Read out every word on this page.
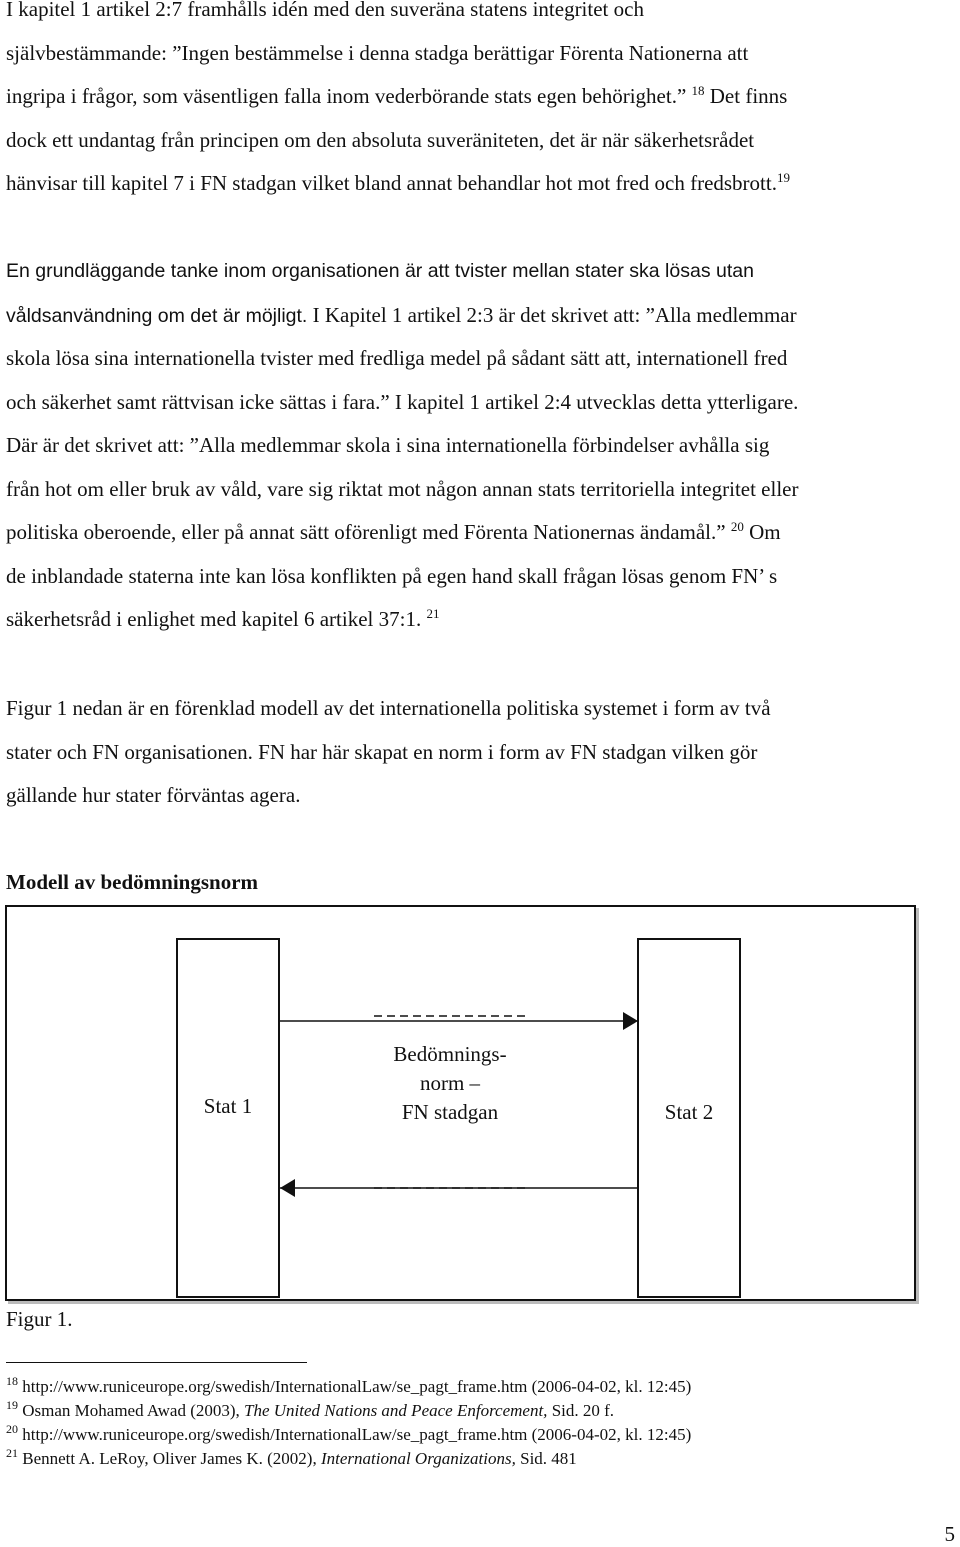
I kapitel 1 artikel 2:7 framhålls idén med den suveräna statens integritet och
självbestämmande: ”Ingen bestämmelse i denna stadga berättigar Förenta Nationerna att
ingripa i frågor, som väsentligen falla inom vederbörande stats egen behörighet.” $^{18}$ Det finns
dock ett undantag från principen om den absoluta suveräniteten, det är när säkerhetsrådet
hänvisar till kapitel 7 i FN stadgan vilket bland annat behandlar hot mot fred och fredsbrott.$^{19}$
En grundläggande tanke inom organisationen är att tvister mellan stater ska lösas utan
våldsanvändning om det är möjligt. I Kapitel 1 artikel 2:3 är det skrivet att: ”Alla medlemmar
skola lösa sina internationella tvister med fredliga medel på sådant sätt att, internationell fred
och säkerhet samt rättvisan icke sättas i fara.” I kapitel 1 artikel 2:4 utvecklas detta ytterligare.
Där är det skrivet att: ”Alla medlemmar skola i sina internationella förbindelser avhålla sig
från hot om eller bruk av våld, vare sig riktat mot någon annan stats territoriella integritet eller
politiska oberoende, eller på annat sätt oförenligt med Förenta Nationernas ändamål.” $^{20}$ Om
de inblandade staterna inte kan lösa konflikten på egen hand skall frågan lösas genom FN’ s
säkerhetsråd i enlighet med kapitel 6 artikel 37:1. $^{21}$
Figur 1 nedan är en förenklad modell av det internationella politiska systemet i form av två
stater och FN organisationen. FN har här skapat en norm i form av FN stadgan vilken gör
gällande hur stater förväntas agera.
Modell av bedömningsnorm
Stat 1	Stat 2
Bedömnings-
norm –
FN stadgan
Figur 1.
$^{18}$ http://www.runiceurope.org/swedish/InternationalLaw/se_pagt_frame.htm (2006-04-02, kl. 12:45)
$^{19}$ Osman Mohamed Awad (2003), The United Nations and Peace Enforcement, Sid. 20 f.
$^{20}$ http://www.runiceurope.org/swedish/InternationalLaw/se_pagt_frame.htm (2006-04-02, kl. 12:45)
$^{21}$ Bennett A. LeRoy, Oliver James K. (2002), International Organizations, Sid. 481
5
